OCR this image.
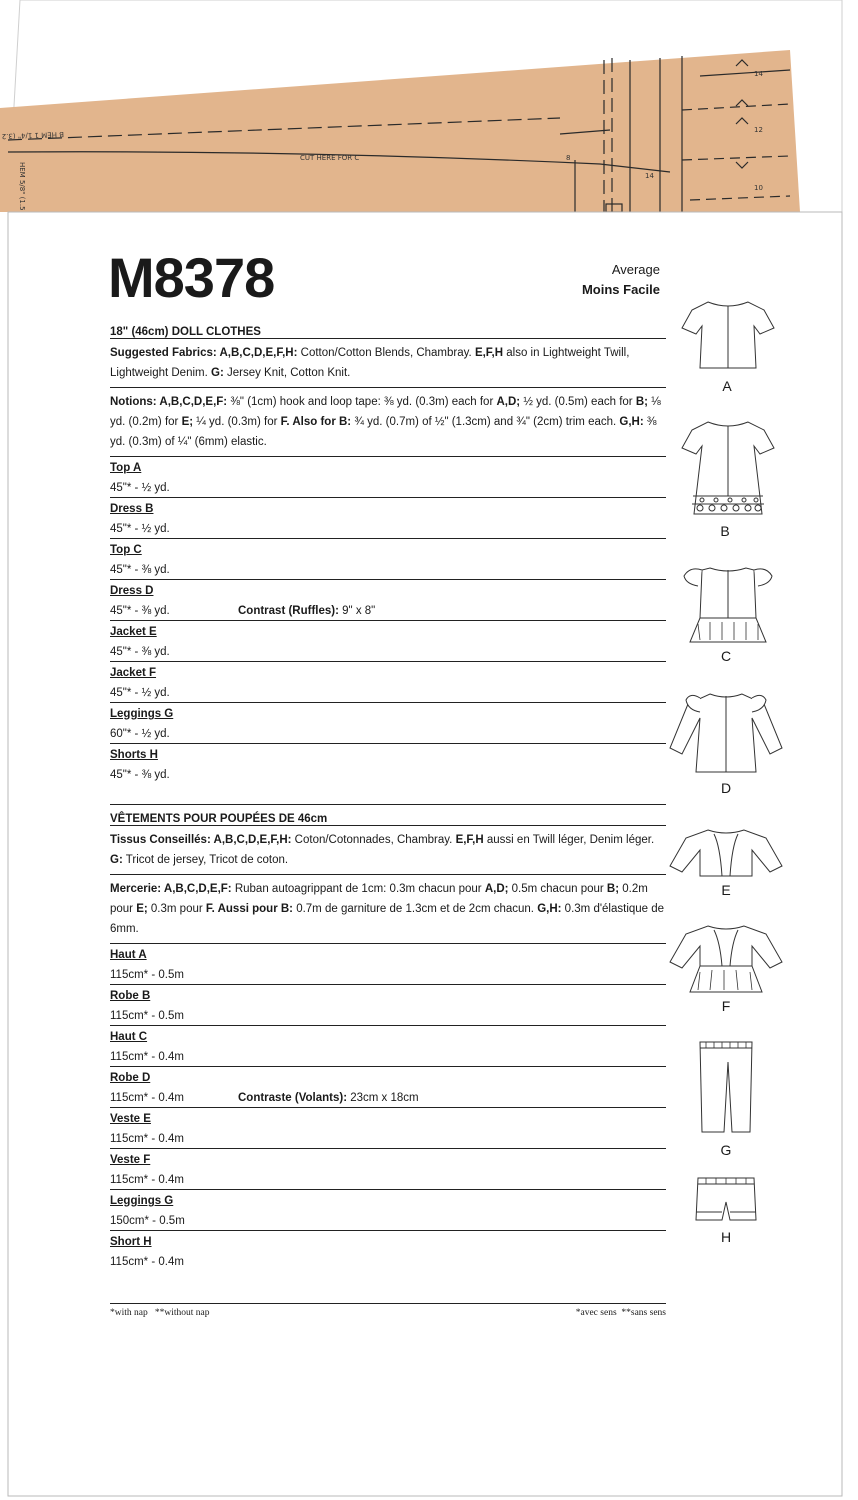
B HEM 1 1/4" (3.2
HEM 5/8" (1.5
CUT HERE FOR C	8
14
14
12
10
M8378	Average
Moins Facile
18" (46cm) DOLL CLOTHES
Suggested Fabrics: A,B,C,D,E,F,H: Cotton/Cotton Blends, Chambray. E,F,H also in Lightweight Twill, Lightweight Denim. G: Jersey Knit, Cotton Knit.
Notions: A,B,C,D,E,F: ⅜" (1cm) hook and loop tape: ⅜ yd. (0.3m) each for A,D; ½ yd. (0.5m) each for B; ⅛ yd. (0.2m) for E; ¼ yd. (0.3m) for F. Also for B: ¾ yd. (0.7m) of ½" (1.3cm) and ¾" (2cm) trim each. G,H: ⅜ yd. (0.3m) of ¼" (6mm) elastic.
Top A
45"* - ½ yd.
Dress B
45"* - ½ yd.
Top C
45"* - ⅜ yd.
Dress D
45"* - ⅜ yd.	Contrast (Ruffles): 9" x 8"
Jacket E
45"* - ⅜ yd.
Jacket F
45"* - ½ yd.
Leggings G
60"* - ½ yd.
Shorts H
45"* - ⅜ yd.
VÊTEMENTS POUR POUPÉES DE 46cm
Tissus Conseillés: A,B,C,D,E,F,H: Coton/Cotonnades, Chambray. E,F,H aussi en Twill léger, Denim léger. G: Tricot de jersey, Tricot de coton.
Mercerie: A,B,C,D,E,F: Ruban autoagrippant de 1cm: 0.3m chacun pour A,D; 0.5m chacun pour B; 0.2m pour E; 0.3m pour F. Aussi pour B: 0.7m de garniture de 1.3cm et de 2cm chacun. G,H: 0.3m d'élastique de 6mm.
Haut A
115cm* - 0.5m
Robe B
115cm* - 0.5m
Haut C
115cm* - 0.4m
Robe D
115cm* - 0.4m	Contraste (Volants): 23cm x 18cm
Veste E
115cm* - 0.4m
Veste F
115cm* - 0.4m
Leggings G
150cm* - 0.5m
Short H
115cm* - 0.4m
*with nap **without nap	*avec sens **sans sens
A
B
C
D
E
F
G
H
